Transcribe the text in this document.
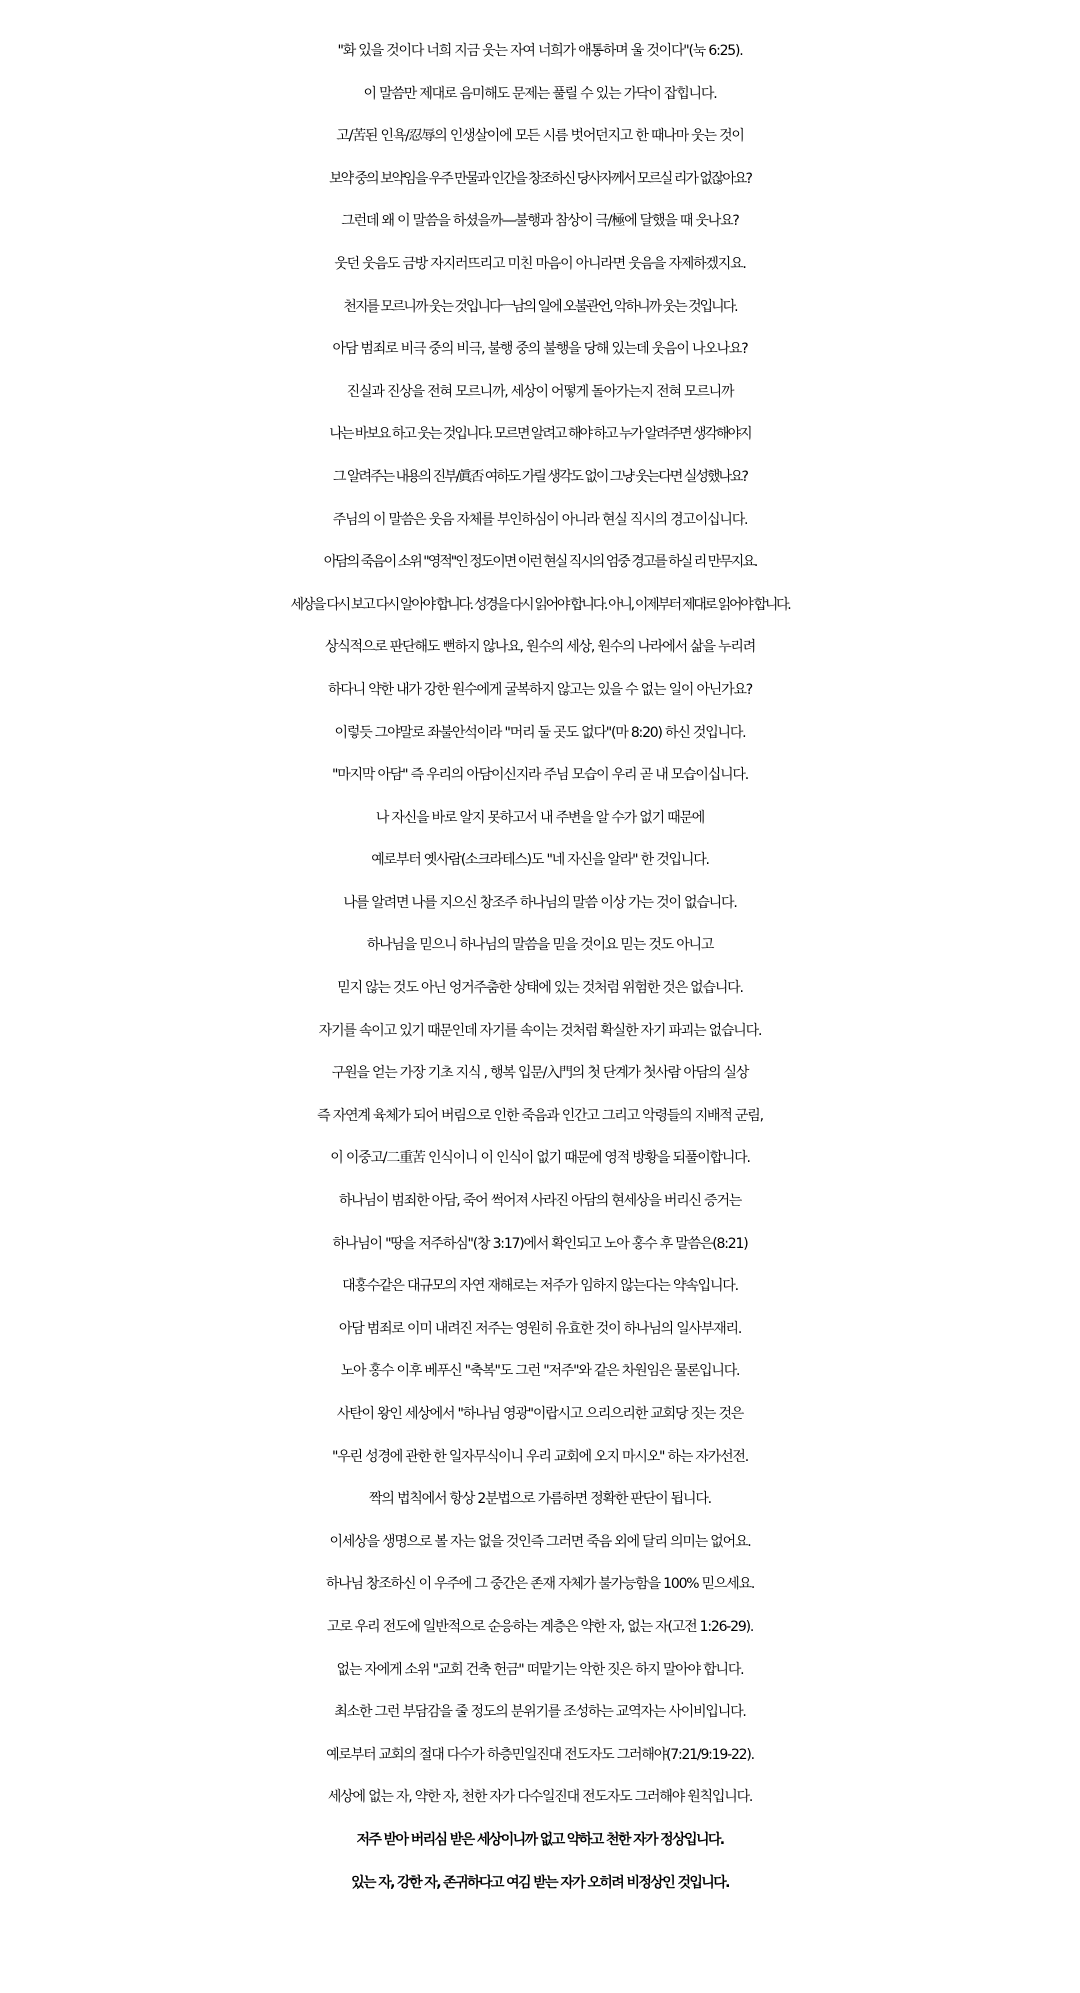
"화 있을 것이다 너희 지금 웃는 자여 너희가 애통하며 울 것이다"(눅 6:25).
이 말씀만 제대로 음미해도 문제는 풀릴 수 있는 가닥이 잡힙니다.
고/苦된 인욕/忍辱의 인생살이에 모든 시름 벗어던지고 한 때나마 웃는 것이
보약 중의 보약임을 우주 만물과 인간을 창조하신 당사자께서 모르실 리가 없잖아요?
그런데 왜 이 말씀을 하셨을까―불행과 참상이 극/極에 달했을 때 웃나요?
웃던 웃음도 금방 자지러뜨리고 미친 마음이 아니라면 웃음을 자제하겠지요.
천지를 모르니까 웃는 것입니다ㅡ남의 일에 오불관언, 악하니까 웃는 것입니다.
아담 범죄로 비극 중의 비극, 불행 중의 불행을 당해 있는데 웃음이 나오나요?
진실과 진상을 전혀 모르니까, 세상이 어떻게 돌아가는지 전혀 모르니까
나는 바보요 하고 웃는 것입니다. 모르면 알려고 해야 하고 누가 알려주면 생각해야지
그 알려주는 내용의 진부/眞否 여하도 가릴 생각도 없이 그냥 웃는다면 실성했나요?
주님의 이 말씀은 웃음 자체를 부인하심이 아니라 현실 직시의 경고이십니다.
아담의 죽음이 소위 "영적"인 정도이면 이런 현실 직시의 엄중 경고를 하실 리 만무지요.
세상을 다시 보고 다시 알아야 합니다. 성경을 다시 읽어야 합니다. 아니, 이제부터 제대로 읽어야 합니다.
상식적으로 판단해도 뻔하지 않나요, 원수의 세상, 원수의 나라에서 삶을 누리려
하다니 약한 내가 강한 원수에게 굴복하지 않고는 있을 수 없는 일이 아닌가요?
이렇듯 그야말로 좌불안석이라 "머리 둘 곳도 없다"(마 8:20) 하신 것입니다.
"마지막 아담" 즉 우리의 아담이신지라 주님 모습이 우리 곧 내 모습이십니다.
나 자신을 바로 알지 못하고서 내 주변을 알 수가 없기 때문에
예로부터 옛사람(소크라테스)도 "네 자신을 알라" 한 것입니다.
나를 알려면 나를 지으신 창조주 하나님의 말씀 이상 가는 것이 없습니다.
하나님을 믿으니 하나님의 말씀을 믿을 것이요 믿는 것도 아니고
믿지 않는 것도 아닌 엉거주춤한 상태에 있는 것처럼 위험한 것은 없습니다.
자기를 속이고 있기 때문인데 자기를 속이는 것처럼 확실한 자기 파괴는 없습니다.
구원을 얻는 가장 기초 지식 , 행복 입문/入門의 첫 단계가 첫사람 아담의 실상
즉 자연계 육체가 되어 버림으로 인한 죽음과 인간고 그리고 악령들의 지배적 군림,
이 이중고/二重苦 인식이니 이 인식이 없기 때문에 영적 방황을 되풀이합니다.
하나님이 범죄한 아담, 죽어 썩어져 사라진 아담의 현세상을 버리신 증거는
하나님이 "땅을 저주하심"(창 3:17)에서 확인되고 노아 홍수 후 말씀은(8:21)
대홍수같은 대규모의 자연 재해로는 저주가 임하지 않는다는 약속입니다.
아담 범죄로 이미 내려진 저주는 영원히 유효한 것이 하나님의 일사부재리.
노아 홍수 이후 베푸신 "축복"도 그런 "저주"와 같은 차원임은 물론입니다.
사탄이 왕인 세상에서 "하나님 영광"이랍시고 으리으리한 교회당 짓는 것은
"우린 성경에 관한 한 일자무식이니 우리 교회에 오지 마시오" 하는 자가선전.
짝의 법칙에서 항상 2분법으로 가름하면 정확한 판단이 됩니다.
이세상을 생명으로 볼 자는 없을 것인즉 그러면 죽음 외에 달리 의미는 없어요.
하나님 창조하신 이 우주에 그 중간은 존재 자체가 불가능함을 100% 믿으세요.
고로 우리 전도에 일반적으로 순응하는 계층은 약한 자, 없는 자(고전 1:26-29).
없는 자에게 소위 "교회 건축 헌금" 떠맡기는 악한 짓은 하지 말아야 합니다.
최소한 그런 부담감을 줄 정도의 분위기를 조성하는 교역자는 사이비입니다.
예로부터 교회의 절대 다수가 하층민일진대 전도자도 그러해야(7:21/9:19-22).
세상에 없는 자, 약한 자, 천한 자가 다수일진대 전도자도 그러해야 원칙입니다.
저주 받아 버리심 받은 세상이니까 없고 약하고 천한 자가 정상입니다.
있는 자, 강한 자, 존귀하다고 여김 받는 자가 오히려 비정상인 것입니다.
